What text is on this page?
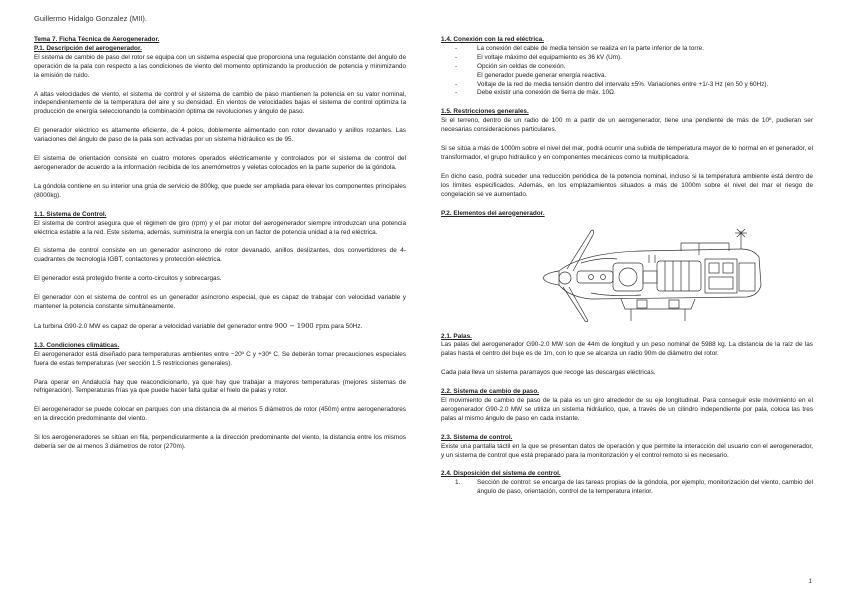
Guillermo Hidalgo Gonzalez (MII).
Tema 7. Ficha Técnica de Aerogenerador.
P.1. Descripción del aerogenerador.

El sistema de cambio de paso del rotor se equipa con un sistema especial que proporciona una regulación constante del ángulo de operación de la pala con respecto a las condiciones de viento del momento optimizando la producción de potencia y minimizando la emisión de ruido.

A altas velocidades de viento, el sistema de control y el sistema de cambio de paso mantienen la potencia en su valor nominal, independientemente de la temperatura del aire y su densidad. En vientos de velocidades bajas el sistema de control optimiza la producción de energía seleccionando la combinación óptima de revoluciones y ángulo de paso.

El generador eléctrico es altamente eficiente, de 4 polos, doblemente alimentado con rotor devanado y anillos rozantes. Las variaciones del ángulo de paso de la pala son activadas por un sistema hidráulico es de 95.

El sistema de orientación consiste en cuatro motores operados eléctricamente y controlados por el sistema de control del aerogenerador de acuerdo a la información recibida de los anemómetros y veletas colocados en la parte superior de la góndola.

La góndola contiene en su interior una grúa de servicio de 800kg, que puede ser ampliada para elevar los componentes principales (8000kg).

1.1. Sistema de Control.

El sistema de control asegura que el régimen de giro (rpm) y el par motor del aerogenerador siempre introduzcan una potencia eléctrica estable a la red. Este sistema, además, suministra la energía con un factor de potencia unidad a la red eléctrica.

El sistema de control consiste en un generador asíncrono de rotor devanado, anillos deslizantes, dos convertidores de 4-cuadrantes de tecnología IGBT, contactores y protección eléctrica.

El generador está protegido frente a corto-circuitos y sobrecargas.

El generador con el sistema de control es un generador asíncrono especial, que es capaz de trabajar con velocidad variable y mantener la potencia constante simultáneamente.

La turbina G90-2.0 MW es capaz de operar a velocidad variable del generador entre 900 − 1900 rpm para 50Hz.

1.3. Condiciones climáticas.

El aerogenerador está diseñado para temperaturas ambientes entre −20º C y +30º C. Se deberán tomar precauciones especiales fuera de estas temperaturas (ver sección 1.5 restricciones generales).

Para operar en Andalucía hay que reacondicionarlo, ya que hay que trabajar a mayores temperaturas (mejores sistemas de refrigeración). Temperaturas frías ya que puede hacer falta quitar el hielo de palas y rotor.

El aerogenerador se puede colocar en parques con una distancia de al menos 5 diámetros de rotor (450m) entre aerogeneradores en la dirección predominante del viento.

Si los aerogeneradores se sitúan en fila, perpendicularmente a la dirección predominante del viento, la distancia entre los mismos debería ser de al menos 3 diámetros de rotor (270m).

1.4. Conexión con la red eléctrica.
- La conexión del cable de media tensión se realiza en la parte inferior de la torre.
- El voltaje máximo del equipamiento es 36 kV (Um).
- Opción sin celdas de conexión.
El generador puede generar energía reactiva.
- Voltaje de la red de media tensión dentro del intervalo ±5%. Variaciones entre +1/-3 Hz (en 50 y 60Hz).
- Debe existir una conexión de tierra de máx. 10Ω.
1.5. Restricciones generales.

Si el terreno, dentro de un radio de 100 m a partir de un aerogenerador, tiene una pendiente de más de 10º, pudieran ser necesarias consideraciones particulares.

Si se sitúa a más de 1000m sobre el nivel del mar, podrá ocurrir una subida de temperatura mayor de lo normal en el generador, el transformador, el grupo hidráulico y en componentes mecánicos como la multiplicadora.

En dicho caso, podrá suceder una reducción periódica de la potencia nominal, incluso si la temperatura ambiente está dentro de los límites especificados. Además, en los emplazamientos situados a más de 1000m sobre el nivel del mar el riesgo de congelación se ve aumentado.

P.2. Elementos del aerogenerador.
2.1. Palas.

Las palas del aerogenerador G90-2.0 MW son de 44m de longitud y un peso nominal de 5988 kg. La distancia de la raíz de las palas hasta el centro del buje es de 1m, con lo que se alcanza un radio 90m de diámetro del rotor.

Cada pala lleva un sistema pararrayos que recoge las descargas eléctricas.

2.2. Sistema de cambio de paso.

El movimiento de cambio de paso de la pala es un giro alrededor de su eje longitudinal. Para conseguir este movimiento en el aerogenerador G90-2.0 MW se utiliza un sistema hidráulico, que, a través de un cilindro independiente por pala, coloca las tres palas al mismo ángulo de paso en cada instante.

2.3. Sistema de control.

Existe una pantalla táctil en la que se presentan datos de operación y que permite la interacción del usuario con el aerogenerador, y un sistema de control que está preparado para la monitorización y el control remoto si es necesario.

2.4. Disposición del sistema de control.
1.	Sección de control: se encarga de las tareas propias de la góndola, por ejemplo, monitorización del viento, cambio del ángulo de paso, orientación, control de la temperatura interior.
1
